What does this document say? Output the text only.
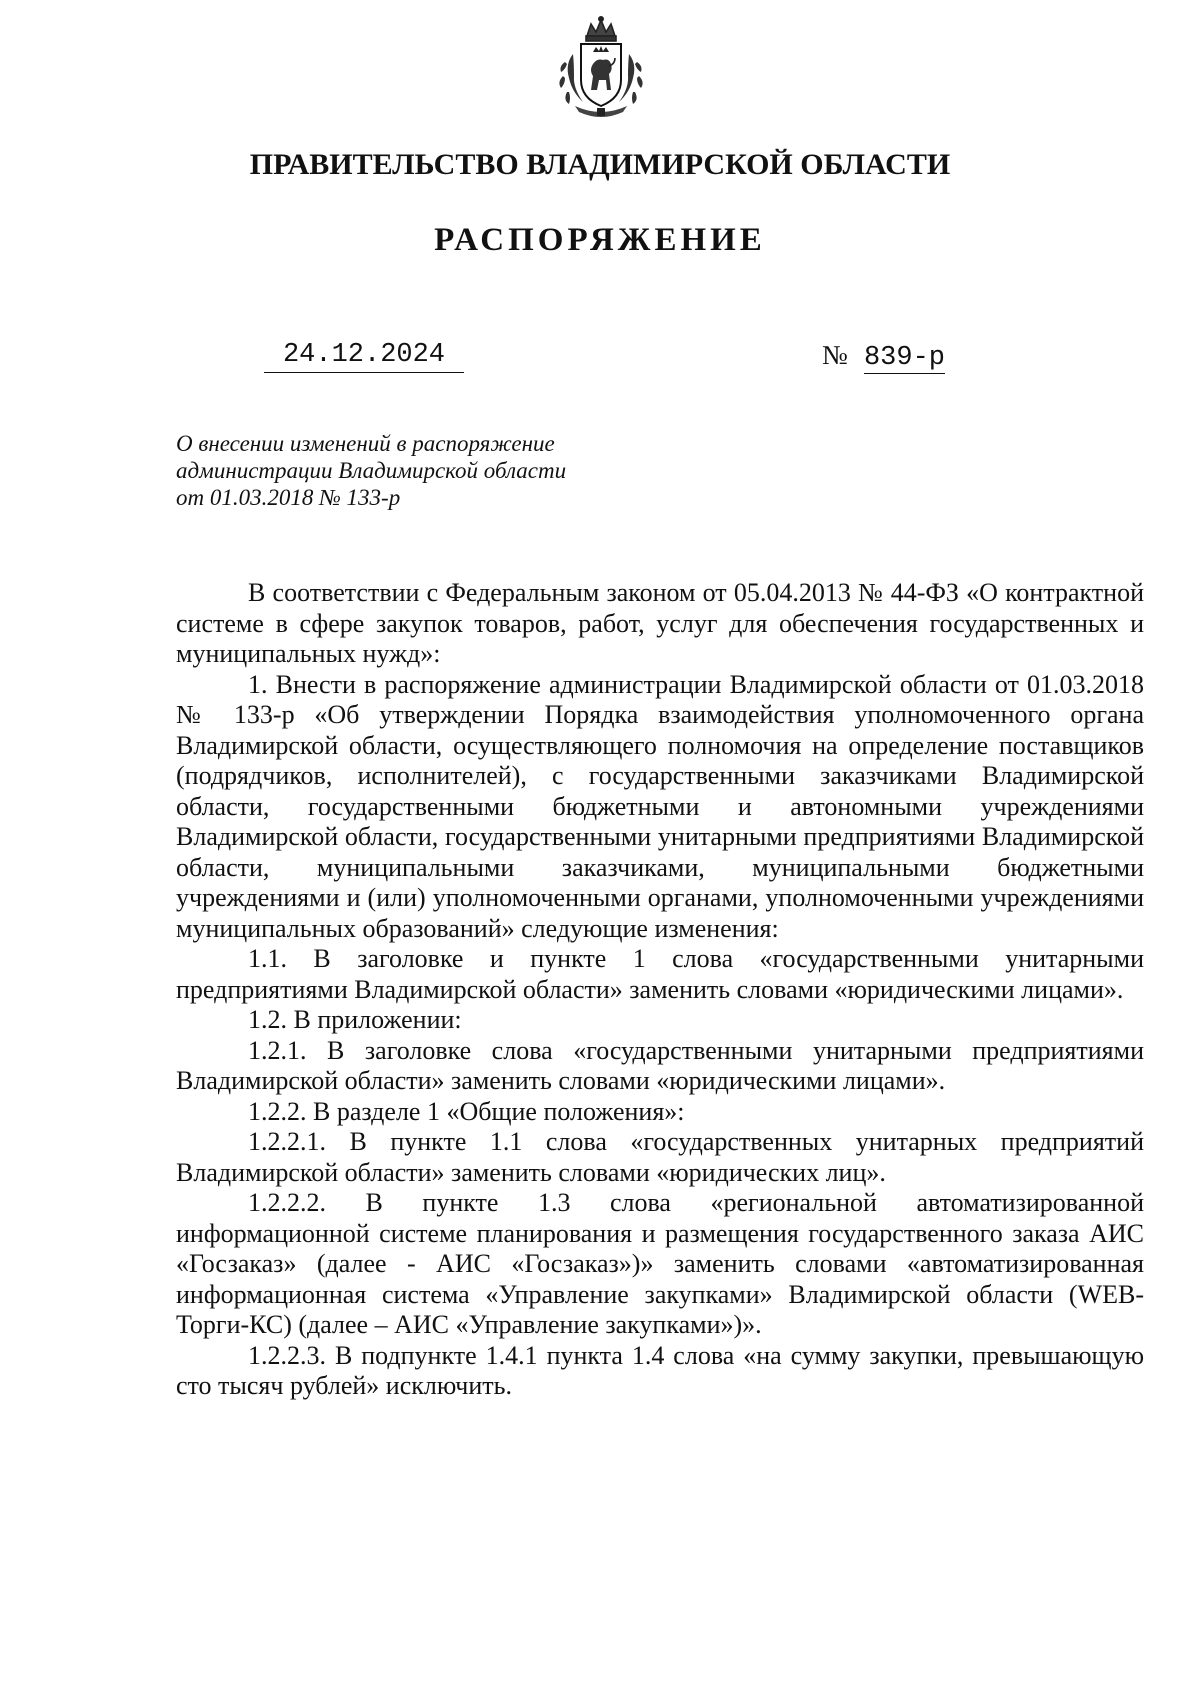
ПРАВИТЕЛЬСТВО ВЛАДИМИРСКОЙ ОБЛАСТИ
РАСПОРЯЖЕНИЕ
24.12.2024	№ 839-р
О внесении изменений в распоряжение
администрации Владимирской области
от 01.03.2018 № 133-р

В соответствии с Федеральным законом от 05.04.2013 № 44-ФЗ «О контрактной системе в сфере закупок товаров, работ, услуг для обеспечения государственных и муниципальных нужд»:

1. Внести в распоряжение администрации Владимирской области от 01.03.2018 № 133-р «Об утверждении Порядка взаимодействия уполномоченного органа Владимирской области, осуществляющего полномочия на определение поставщиков (подрядчиков, исполнителей), с государственными заказчиками Владимирской области, государственными бюджетными и автономными учреждениями Владимирской области, государственными унитарными предприятиями Владимирской области, муниципальными заказчиками, муниципальными бюджетными учреждениями и (или) уполномоченными органами, уполномоченными учреждениями муниципальных образований» следующие изменения:

1.1. В заголовке и пункте 1 слова «государственными унитарными предприятиями Владимирской области» заменить словами «юридическими лицами».

1.2. В приложении:

1.2.1. В заголовке слова «государственными унитарными предприятиями Владимирской области» заменить словами «юридическими лицами».

1.2.2. В разделе 1 «Общие положения»:

1.2.2.1. В пункте 1.1 слова «государственных унитарных предприятий Владимирской области» заменить словами «юридических лиц».

1.2.2.2. В пункте 1.3 слова «региональной автоматизированной информационной системе планирования и размещения государственного заказа АИС «Госзаказ» (далее - АИС «Госзаказ»)» заменить словами «автоматизированная информационная система «Управление закупками» Владимирской области (WEB-Торги-КС) (далее – АИС «Управление закупками»)».

1.2.2.3. В подпункте 1.4.1 пункта 1.4 слова «на сумму закупки, превышающую сто тысяч рублей» исключить.
